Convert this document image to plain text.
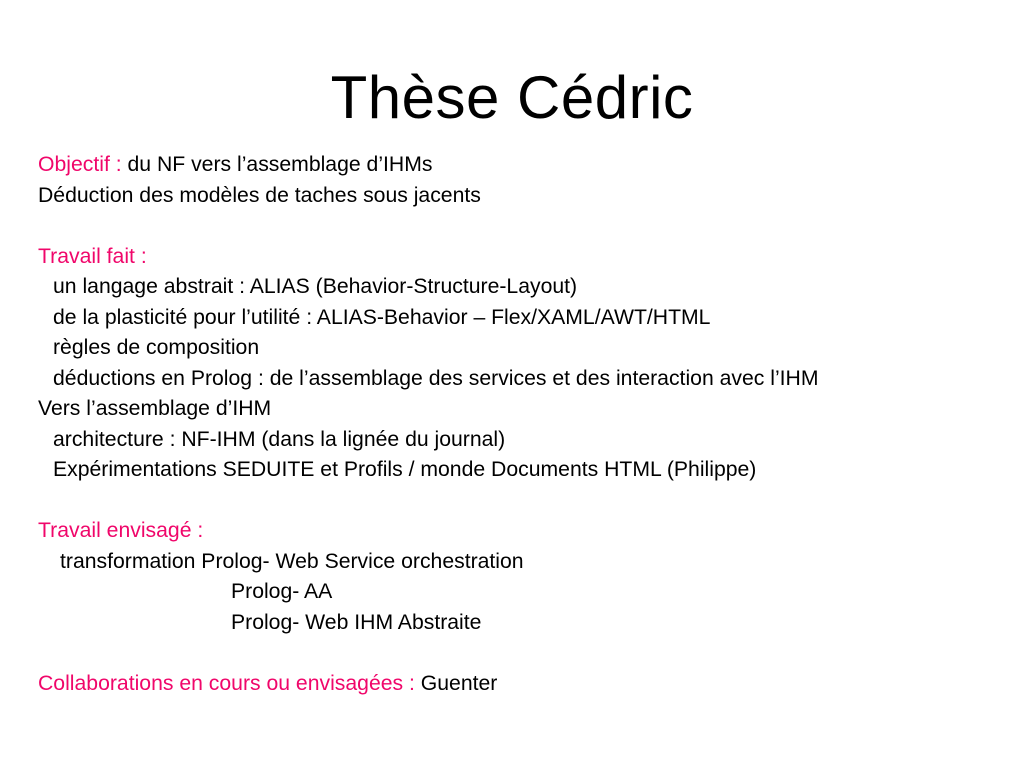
Thèse Cédric
Objectif : du NF vers l’assemblage d’IHMs
Déduction des modèles de taches sous jacents
Travail fait :
un langage abstrait : ALIAS (Behavior-Structure-Layout)
de la plasticité pour l’utilité : ALIAS-Behavior – Flex/XAML/AWT/HTML
règles de composition
déductions en Prolog : de l’assemblage des services et des interaction avec l’IHM
Vers l’assemblage d’IHM
architecture : NF-IHM (dans la lignée du journal)
Expérimentations SEDUITE et Profils / monde Documents HTML (Philippe)
Travail envisagé :
transformation Prolog- Web Service orchestration
Prolog- AA
Prolog- Web IHM Abstraite
Collaborations en cours ou envisagées : Guenter
